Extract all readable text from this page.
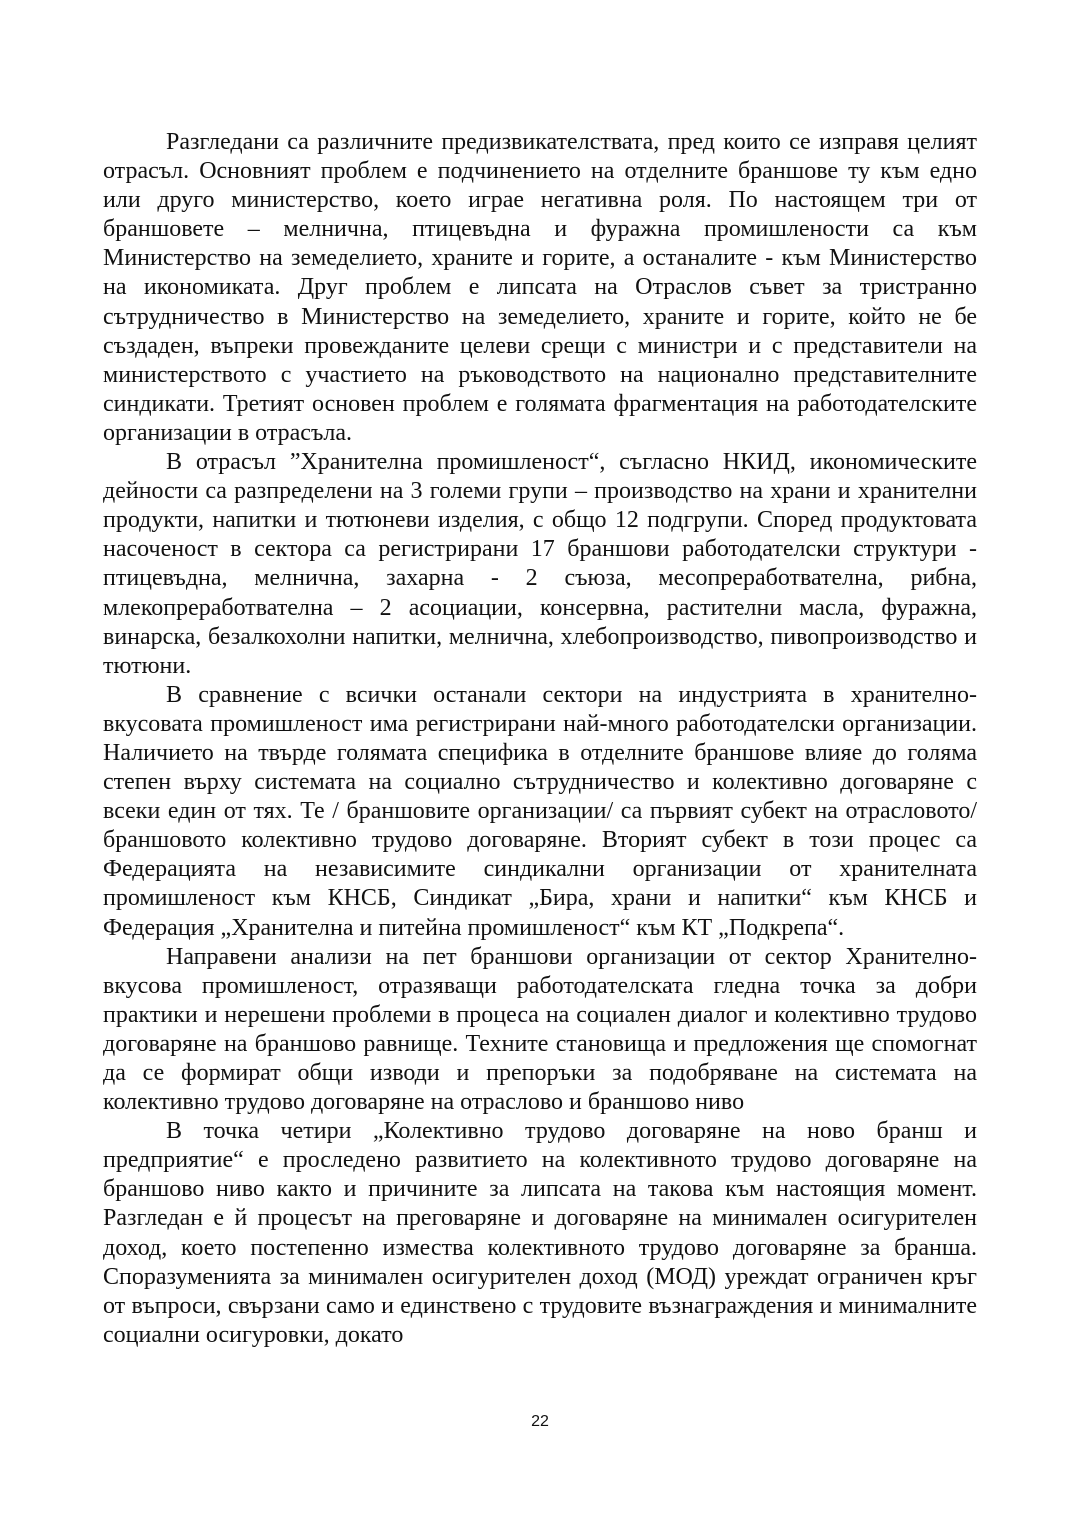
Разгледани са различните предизвикателствата, пред които се изправя целият отрасъл. Основният проблем е подчинението на отделните браншове ту към едно или друго министерство, което играе негативна роля. По настоящем три от браншовете – мелнична, птицевъдна и фуражна промишлености са към Министерство на земеделието, храните и горите, а останалите - към Министерство на икономиката. Друг проблем е липсата на Отраслов съвет за тристранно сътрудничество в Министерство на земеделието, храните и горите, който не бе създаден, въпреки провежданите целеви срещи с министри и с представители на министерството с участието на ръководството на национално представителните синдикати. Третият основен проблем е голямата фрагментация на работодателските организации в отрасъла.

В отрасъл ”Хранителна промишленост“, съгласно НКИД, икономическите дейности са разпределени на 3 големи групи – производство на храни и хранителни продукти, напитки и тютюневи изделия, с общо 12 подгрупи. Според продуктовата насоченост в сектора са регистрирани 17 браншови работодателски структури - птицевъдна, мелнична, захарна - 2 съюза, месопреработвателна, рибна, млекопреработвателна – 2 асоциации, консервна, растителни масла, фуражна, винарска, безалкохолни напитки, мелнична, хлебопроизводство, пивопроизводство и тютюни.

В сравнение с всички останали сектори на индустрията в хранително-вкусовата промишленост има регистрирани най-много работодателски организации. Наличието на твърде голямата специфика в отделните браншове влияе до голяма степен върху системата на социално сътрудничество и колективно договаряне с всеки един от тях. Те / браншовите организации/ са първият субект на отрасловото/браншовото колективно трудово договаряне. Вторият субект в този процес са Федерацията на независимите синдикални организации от хранителната промишленост към КНСБ, Синдикат „Бира, храни и напитки“ към КНСБ и Федерация „Хранителна и питейна промишленост“ към КТ „Подкрепа“.

Направени анализи на пет браншови организации от сектор Хранително-вкусова промишленост, отразяващи работодателската гледна точка за добри практики и нерешени проблеми в процеса на социален диалог и колективно трудово договаряне на браншово равнище. Техните становища и предложения ще спомогнат да се формират общи изводи и препоръки за подобряване на системата на колективно трудово договаряне на отраслово и браншово ниво

В точка четири „Колективно трудово договаряне на ново бранш и предприятие“ е проследено развитието на колективното трудово договаряне на браншово ниво както и причините за липсата на такова към настоящия момент. Разгледан е й процесът на преговаряне и договаряне на минимален осигурителен доход, което постепенно измества колективното трудово договаряне за бранша. Споразуменията за минимален осигурителен доход (МОД) уреждат ограничен кръг от въпроси, свързани само и единствено с трудовите възнаграждения и минималните социални осигуровки, докато

22
